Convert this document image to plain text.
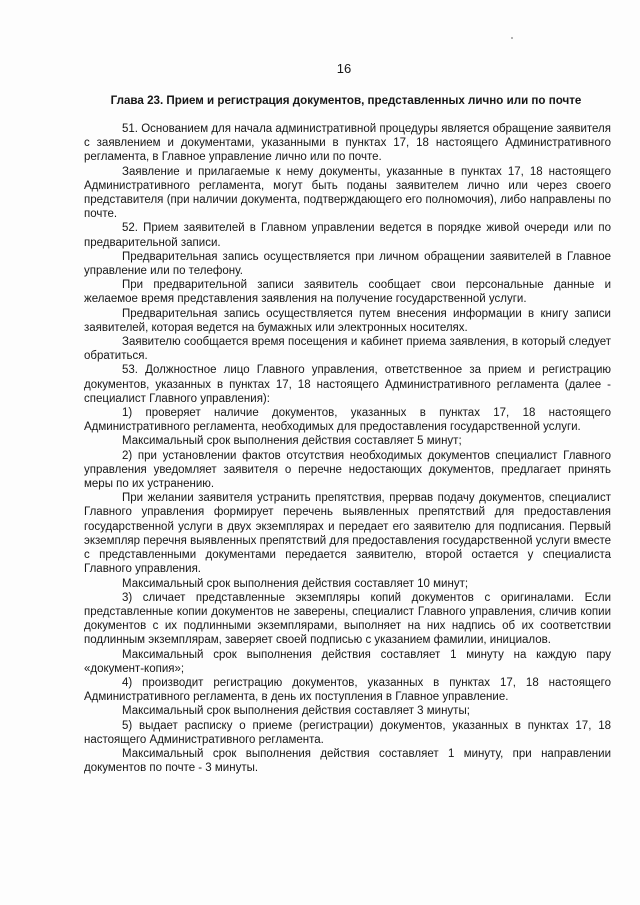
16
Глава 23. Прием и регистрация документов, представленных лично или по почте

51. Основанием для начала административной процедуры является обращение заявителя с заявлением и документами, указанными в пунктах 17, 18 настоящего Административного регламента, в Главное управление лично или по почте.

Заявление и прилагаемые к нему документы, указанные в пунктах 17, 18 настоящего Административного регламента, могут быть поданы заявителем лично или через своего представителя (при наличии документа, подтверждающего его полномочия), либо направлены по почте.

52. Прием заявителей в Главном управлении ведется в порядке живой очереди или по предварительной записи.

Предварительная запись осуществляется при личном обращении заявителей в Главное управление или по телефону.

При предварительной записи заявитель сообщает свои персональные данные и желаемое время представления заявления на получение государственной услуги.

Предварительная запись осуществляется путем внесения информации в книгу записи заявителей, которая ведется на бумажных или электронных носителях.

Заявителю сообщается время посещения и кабинет приема заявления, в который следует обратиться.

53. Должностное лицо Главного управления, ответственное за прием и регистрацию документов, указанных в пунктах 17, 18 настоящего Административного регламента (далее - специалист Главного управления):

1) проверяет наличие документов, указанных в пунктах 17, 18 настоящего Административного регламента, необходимых для предоставления государственной услуги.

Максимальный срок выполнения действия составляет 5 минут;

2) при установлении фактов отсутствия необходимых документов специалист Главного управления уведомляет заявителя о перечне недостающих документов, предлагает принять меры по их устранению.

При желании заявителя устранить препятствия, прервав подачу документов, специалист Главного управления формирует перечень выявленных препятствий для предоставления государственной услуги в двух экземплярах и передает его заявителю для подписания. Первый экземпляр перечня выявленных препятствий для предоставления государственной услуги вместе с представленными документами передается заявителю, второй остается у специалиста Главного управления.

Максимальный срок выполнения действия составляет 10 минут;

3) сличает представленные экземпляры копий документов с оригиналами. Если представленные копии документов не заверены, специалист Главного управления, сличив копии документов с их подлинными экземплярами, выполняет на них надпись об их соответствии подлинным экземплярам, заверяет своей подписью с указанием фамилии, инициалов.

Максимальный срок выполнения действия составляет 1 минуту на каждую пару «документ-копия»;

4) производит регистрацию документов, указанных в пунктах 17, 18 настоящего Административного регламента, в день их поступления в Главное управление.

Максимальный срок выполнения действия составляет 3 минуты;

5) выдает расписку о приеме (регистрации) документов, указанных в пунктах 17, 18 настоящего Административного регламента.

Максимальный срок выполнения действия составляет 1 минуту, при направлении документов по почте - 3 минуты.
